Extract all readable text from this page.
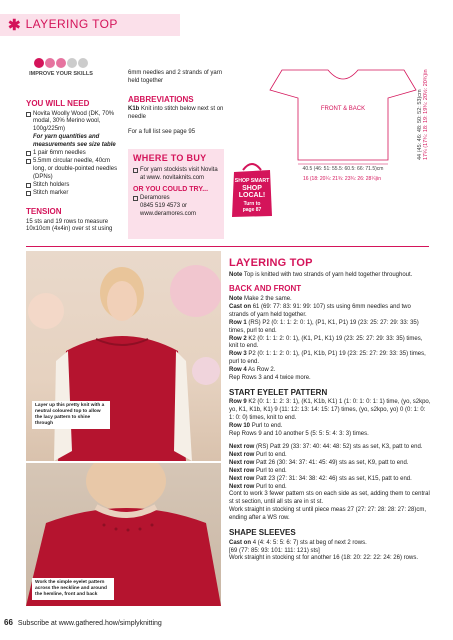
✱ LAYERING TOP
IMPROVE YOUR SKILLS
YOU WILL NEED
Novita Woolly Wood (DK, 70% modal, 30% Merino wool, 100g/225m)
For yarn quantities and measurements see size table
1 pair 6mm needles
5.5mm circular needle, 40cm long, or double-pointed needles (DPNs)
Stitch holders
Stitch marker
TENSION
15 sts and 19 rows to measure 10x10cm (4x4in) over st st using
6mm needles and 2 strands of yarn held together
ABBREVIATIONS
K1b Knit into stitch below next st on needle
For a full list see page 95
WHERE TO BUY
For yarn stockists visit Novita at www. novitaknits.com
OR YOU COULD TRY...
Deramores
0845 519 4573 or
www.deramores.com
SHOP SMART
SHOP
LOCAL!
Turn to
page 87
FRONT & BACK
40.5 (46: 51: 55.5: 60.5: 66: 71.5)cm
16 (18: 20¼: 21¾: 23¾: 26: 28¼)in
44 (45: 46: 48: 50: 52: 53)cm 17¼ (17¾: 18: 19: 19¾: 20½: 20¾)in
Layer up this pretty knit with a neutral coloured top to allow the lacy pattern to shine through
Work the simple eyelet pattern across the neckline and around the hemline, front and back
LAYERING TOP

Note Top is knitted with two strands of yarn held together throughout.

BACK AND FRONT

Note Make 2 the same.

Cast on 61 (69: 77: 83: 91: 99: 107) sts using 6mm needles and two strands of yarn held together.

Row 1 (RS) P2 (0: 1: 1: 2: 0: 1), (P1, K1, P1) 19 (23: 25: 27: 29: 33: 35) times, purl to end.

Row 2 K2 (0: 1: 1: 2: 0: 1), (K1, P1, K1) 19 (23: 25: 27: 29: 33: 35) times, knit to end.

Row 3 P2 (0: 1: 1: 2: 0: 1), (P1, K1b, P1) 19 (23: 25: 27: 29: 33: 35) times, purl to end.

Row 4 As Row 2.

Rep Rows 3 and 4 twice more.

START EYELET PATTERN

Row 9 K2 (0: 1: 1: 2: 3: 1), (K1, K1b, K1) 1 (1: 0: 1: 0: 1: 1) time, (yo, s2kpo, yo, K1, K1b, K1) 9 (11: 12: 13: 14: 15: 17) times, (yo, s2kpo, yo) 0 (0: 1: 0: 1: 0: 0) times, knit to end.

Row 10 Purl to end.

Rep Rows 9 and 10 another 5 (5: 5: 5: 4: 3: 3) times.

Next row (RS) Patt 29 (33: 37: 40: 44: 48: 52) sts as set, K3, patt to end.

Next row Purl to end.

Next row Patt 26 (30: 34: 37: 41: 45: 49) sts as set, K9, patt to end.

Next row Purl to end.

Next row Patt 23 (27: 31: 34: 38: 42: 46) sts as set, K15, patt to end.

Next row Purl to end.

Cont to work 3 fewer pattern sts on each side as set, adding them to central st st section, until all sts are in st st.

Work straight in stocking st until piece meas 27 (27: 27: 28: 28: 27: 28)cm, ending after a WS row.

SHAPE SLEEVES

Cast on 4 (4: 4: 5: 5: 6: 7) sts at beg of next 2 rows.

[69 (77: 85: 93: 101: 111: 121) sts]

Work straight in stocking st for another 16 (18: 20: 22: 22: 24: 26) rows.

66 Subscribe at www.gathered.how/simplyknitting
